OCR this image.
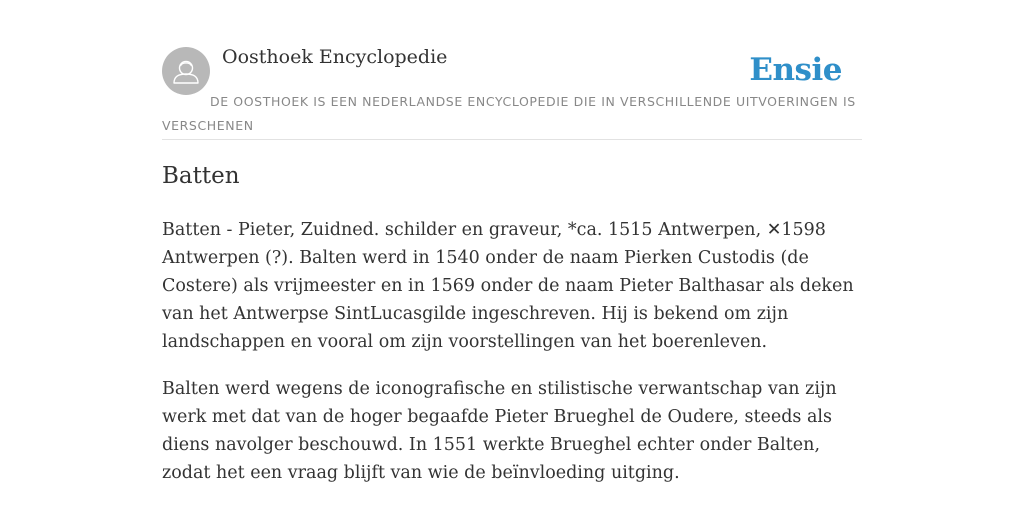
Oosthoek Encyclopedie	Ensie
DE OOSTHOEK IS EEN NEDERLANDSE ENCYCLOPEDIE DIE IN VERSCHILLENDE UITVOERINGEN IS VERSCHENEN
Batten

Batten - Pieter, Zuidned. schilder en graveur, *ca. 1515 Antwerpen, ✕1598 Antwerpen (?). Balten werd in 1540 onder de naam Pierken Custodis (de Costere) als vrijmeester en in 1569 onder de naam Pieter Balthasar als deken van het Antwerpse SintLucasgilde ingeschreven. Hij is bekend om zijn landschappen en vooral om zijn voorstellingen van het boerenleven.

Balten werd wegens de iconografische en stilistische verwantschap van zijn werk met dat van de hoger begaafde Pieter Brueghel de Oudere, steeds als diens navolger beschouwd. In 1551 werkte Brueghel echter onder Balten, zodat het een vraag blijft van wie de beïnvloeding uitging.
